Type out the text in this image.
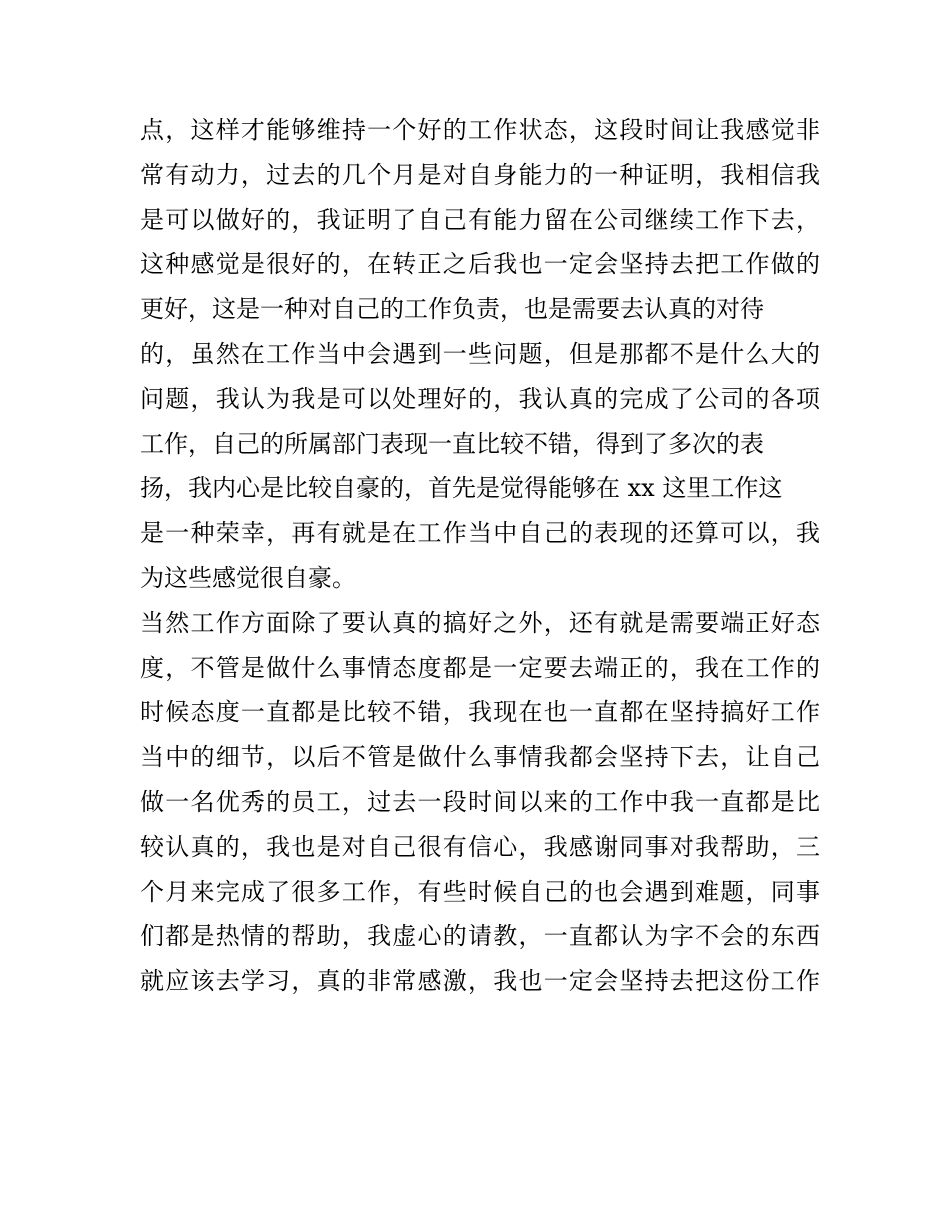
点，这样才能够维持一个好的工作状态，这段时间让我感觉非
常有动力，过去的几个月是对自身能力的一种证明，我相信我
是可以做好的，我证明了自己有能力留在公司继续工作下去，
这种感觉是很好的，在转正之后我也一定会坚持去把工作做的
更好，这是一种对自己的工作负责，也是需要去认真的对待
的，虽然在工作当中会遇到一些问题，但是那都不是什么大的
问题，我认为我是可以处理好的，我认真的完成了公司的各项
工作，自己的所属部门表现一直比较不错，得到了多次的表
扬，我内心是比较自豪的，首先是觉得能够在 xx 这里工作这
是一种荣幸，再有就是在工作当中自己的表现的还算可以，我
为这些感觉很自豪。
当然工作方面除了要认真的搞好之外，还有就是需要端正好态
度，不管是做什么事情态度都是一定要去端正的，我在工作的
时候态度一直都是比较不错，我现在也一直都在坚持搞好工作
当中的细节，以后不管是做什么事情我都会坚持下去，让自己
做一名优秀的员工，过去一段时间以来的工作中我一直都是比
较认真的，我也是对自己很有信心，我感谢同事对我帮助，三
个月来完成了很多工作，有些时候自己的也会遇到难题，同事
们都是热情的帮助，我虚心的请教，一直都认为字不会的东西
就应该去学习，真的非常感激，我也一定会坚持去把这份工作
